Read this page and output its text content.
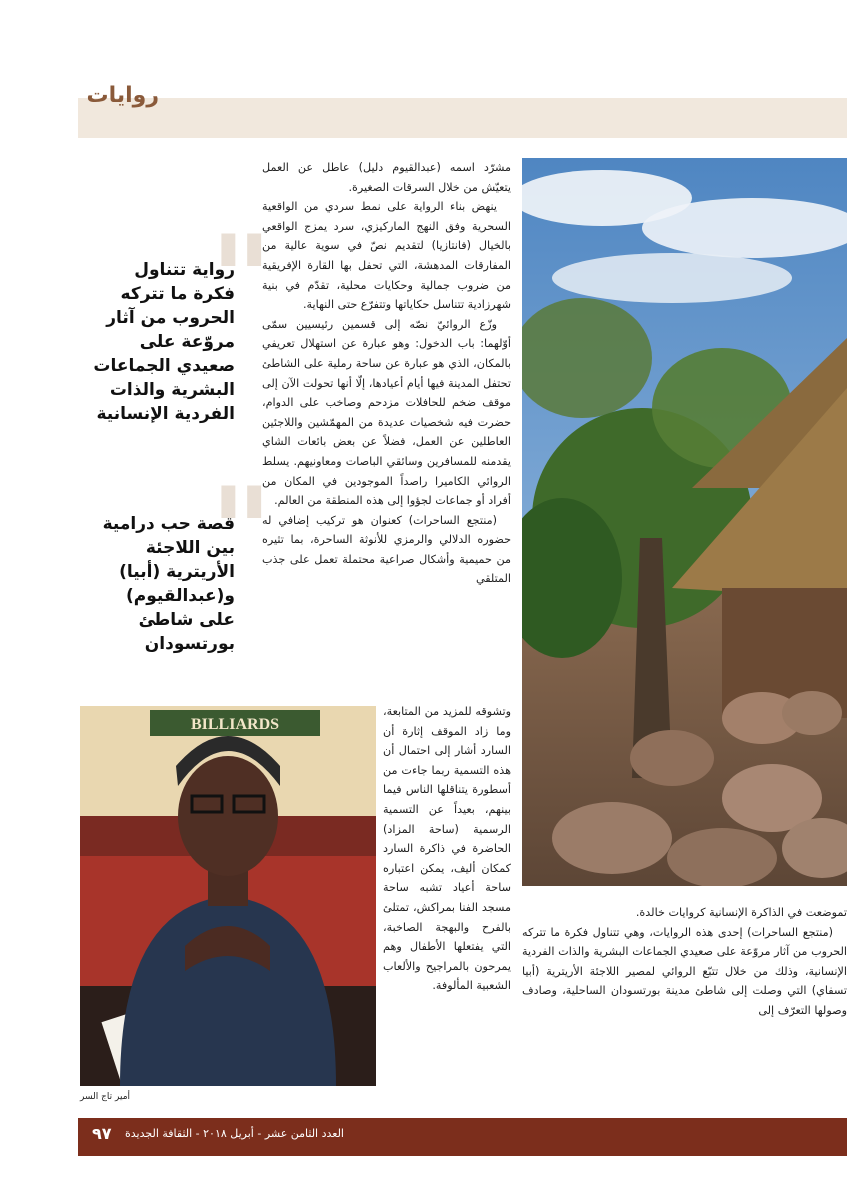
روايات
"
رواية تتناول فكرة ما تتركه الحروب من آثار مروّعة على صعيدي الجماعات البشرية والذات الفردية الإنسانية
"
قصة حب درامية بين اللاجئة الأريترية (أبيا) و(عبدالقيوم) على شاطئ بورتسودان

مشرّد اسمه (عبدالقيوم دليل) عاطل عن العمل يتعيّش من خلال السرقات الصغيرة.

ينهض بناء الرواية على نمط سردي من الواقعية السحرية وفق النهج الماركيزي، سرد يمزج الواقعي بالخيال (فانتازيا) لتقديم نصّ في سوية عالية من المفارقات المدهشة، التي تحفل بها القارة الإفريقية من ضروب جمالية وحكايات محلية، تقدّم في بنية شهرزادية تتناسل حكاياتها وتتفرّع حتى النهاية.

وزّع الروائيّ نصّه إلى قسمين رئيسيين سمّى أوّلهما: باب الدخول: وهو عبارة عن استهلال تعريفي بالمكان، الذي هو عبارة عن ساحة رملية على الشاطئ تحتفل المدينة فيها أيام أعيادها، إلّا أنها تحولت الآن إلى موقف ضخم للحافلات مزدحم وصاخب على الدوام، حضرت فيه شخصيات عديدة من المهمّشين واللاجئين العاطلين عن العمل، فضلاً عن بعض بائعات الشاي يقدمنه للمسافرين وسائقي الباصات ومعاونيهم. يسلط الروائي الكاميرا راصداً الموجودين في المكان من أفراد أو جماعات لجؤوا إلى هذه المنطقة من العالم.

(منتجع الساحرات) كعنوان هو تركيب إضافي له حضوره الدلالي والرمزي للأنوثة الساحرة، بما تثيره من حميمية وأشكال صراعية محتملة تعمل على جذب المتلقي

وتشوقه للمزيد من المتابعة، وما زاد الموقف إثارة أن السارد أشار إلى احتمال أن هذه التسمية ربما جاءت من أسطورة يتناقلها الناس فيما بينهم، بعيداً عن التسمية الرسمية (ساحة المزاد) الحاضرة في ذاكرة السارد كمكان أليف، يمكن اعتباره ساحة أعياد تشبه ساحة مسجد الفنا بمراكش، تمتلئ بالفرح والبهجة الصاخبة، التي يفتعلها الأطفال وهم يمرحون بالمراجيح والألعاب الشعبية المألوفة.

BILLIARDS
أمير تاج السر

تموضعت في الذاكرة الإنسانية كروايات خالدة.

(منتجع الساحرات) إحدى هذه الروايات، وهي تتناول فكرة ما تتركه الحروب من آثار مروّعة على صعيدي الجماعات البشرية والذات الفردية الإنسانية، وذلك من خلال تتبّع الروائي لمصير اللاجئة الأريترية (أبيا تسفاي) التي وصلت إلى شاطئ مدينة بورتسودان الساحلية، وصادف وصولها التعرّف إلى

٩٧ العدد الثامن عشر - أبريل ٢٠١٨ - الثقافة الجديدة
